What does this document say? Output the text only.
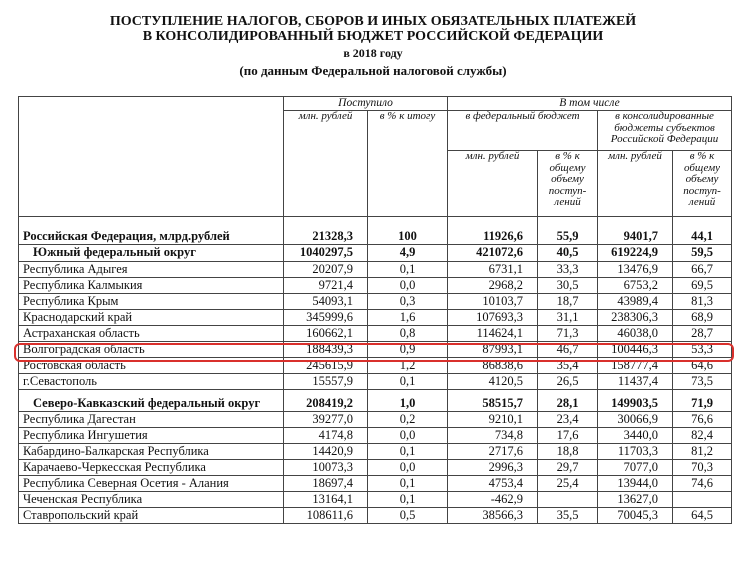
ПОСТУПЛЕНИЕ НАЛОГОВ, СБОРОВ И ИНЫХ ОБЯЗАТЕЛЬНЫХ ПЛАТЕЖЕЙ

В КОНСОЛИДИРОВАННЫЙ БЮДЖЕТ РОССИЙСКОЙ ФЕДЕРАЦИИ

в 2018 году

(по данным Федеральной налоговой службы)

	Поступило		В том числе			
	млн. рублей	в % к итогу	в федеральный бюджет		в консолидированные бюджеты субъектов Российской Федерации	
			млн. рублей	в % к общему объему поступ-лений	млн. рублей	в % к общему объему поступ-лений
Российская Федерация, млрд.рублей	21328,3	100	11926,6	55,9	9401,7	44,1
Южный федеральный округ	1040297,5	4,9	421072,6	40,5	619224,9	59,5
Республика Адыгея	20207,9	0,1	6731,1	33,3	13476,9	66,7
Республика Калмыкия	9721,4	0,0	2968,2	30,5	6753,2	69,5
Республика Крым	54093,1	0,3	10103,7	18,7	43989,4	81,3
Краснодарский край	345999,6	1,6	107693,3	31,1	238306,3	68,9
Астраханская область	160662,1	0,8	114624,1	71,3	46038,0	28,7
Волгоградская область	188439,3	0,9	87993,1	46,7	100446,3	53,3
Ростовская область	245615,9	1,2	86838,6	35,4	158777,4	64,6
г.Севастополь	15557,9	0,1	4120,5	26,5	11437,4	73,5
Северо-Кавказский федеральный округ	208419,2	1,0	58515,7	28,1	149903,5	71,9
Республика Дагестан	39277,0	0,2	9210,1	23,4	30066,9	76,6
Республика Ингушетия	4174,8	0,0	734,8	17,6	3440,0	82,4
Кабардино-Балкарская Республика	14420,9	0,1	2717,6	18,8	11703,3	81,2
Карачаево-Черкесская Республика	10073,3	0,0	2996,3	29,7	7077,0	70,3
Республика Северная Осетия - Алания	18697,4	0,1	4753,4	25,4	13944,0	74,6
Чеченская Республика	13164,1	0,1	-462,9		13627,0	
Ставропольский край	108611,6	0,5	38566,3	35,5	70045,3	64,5
